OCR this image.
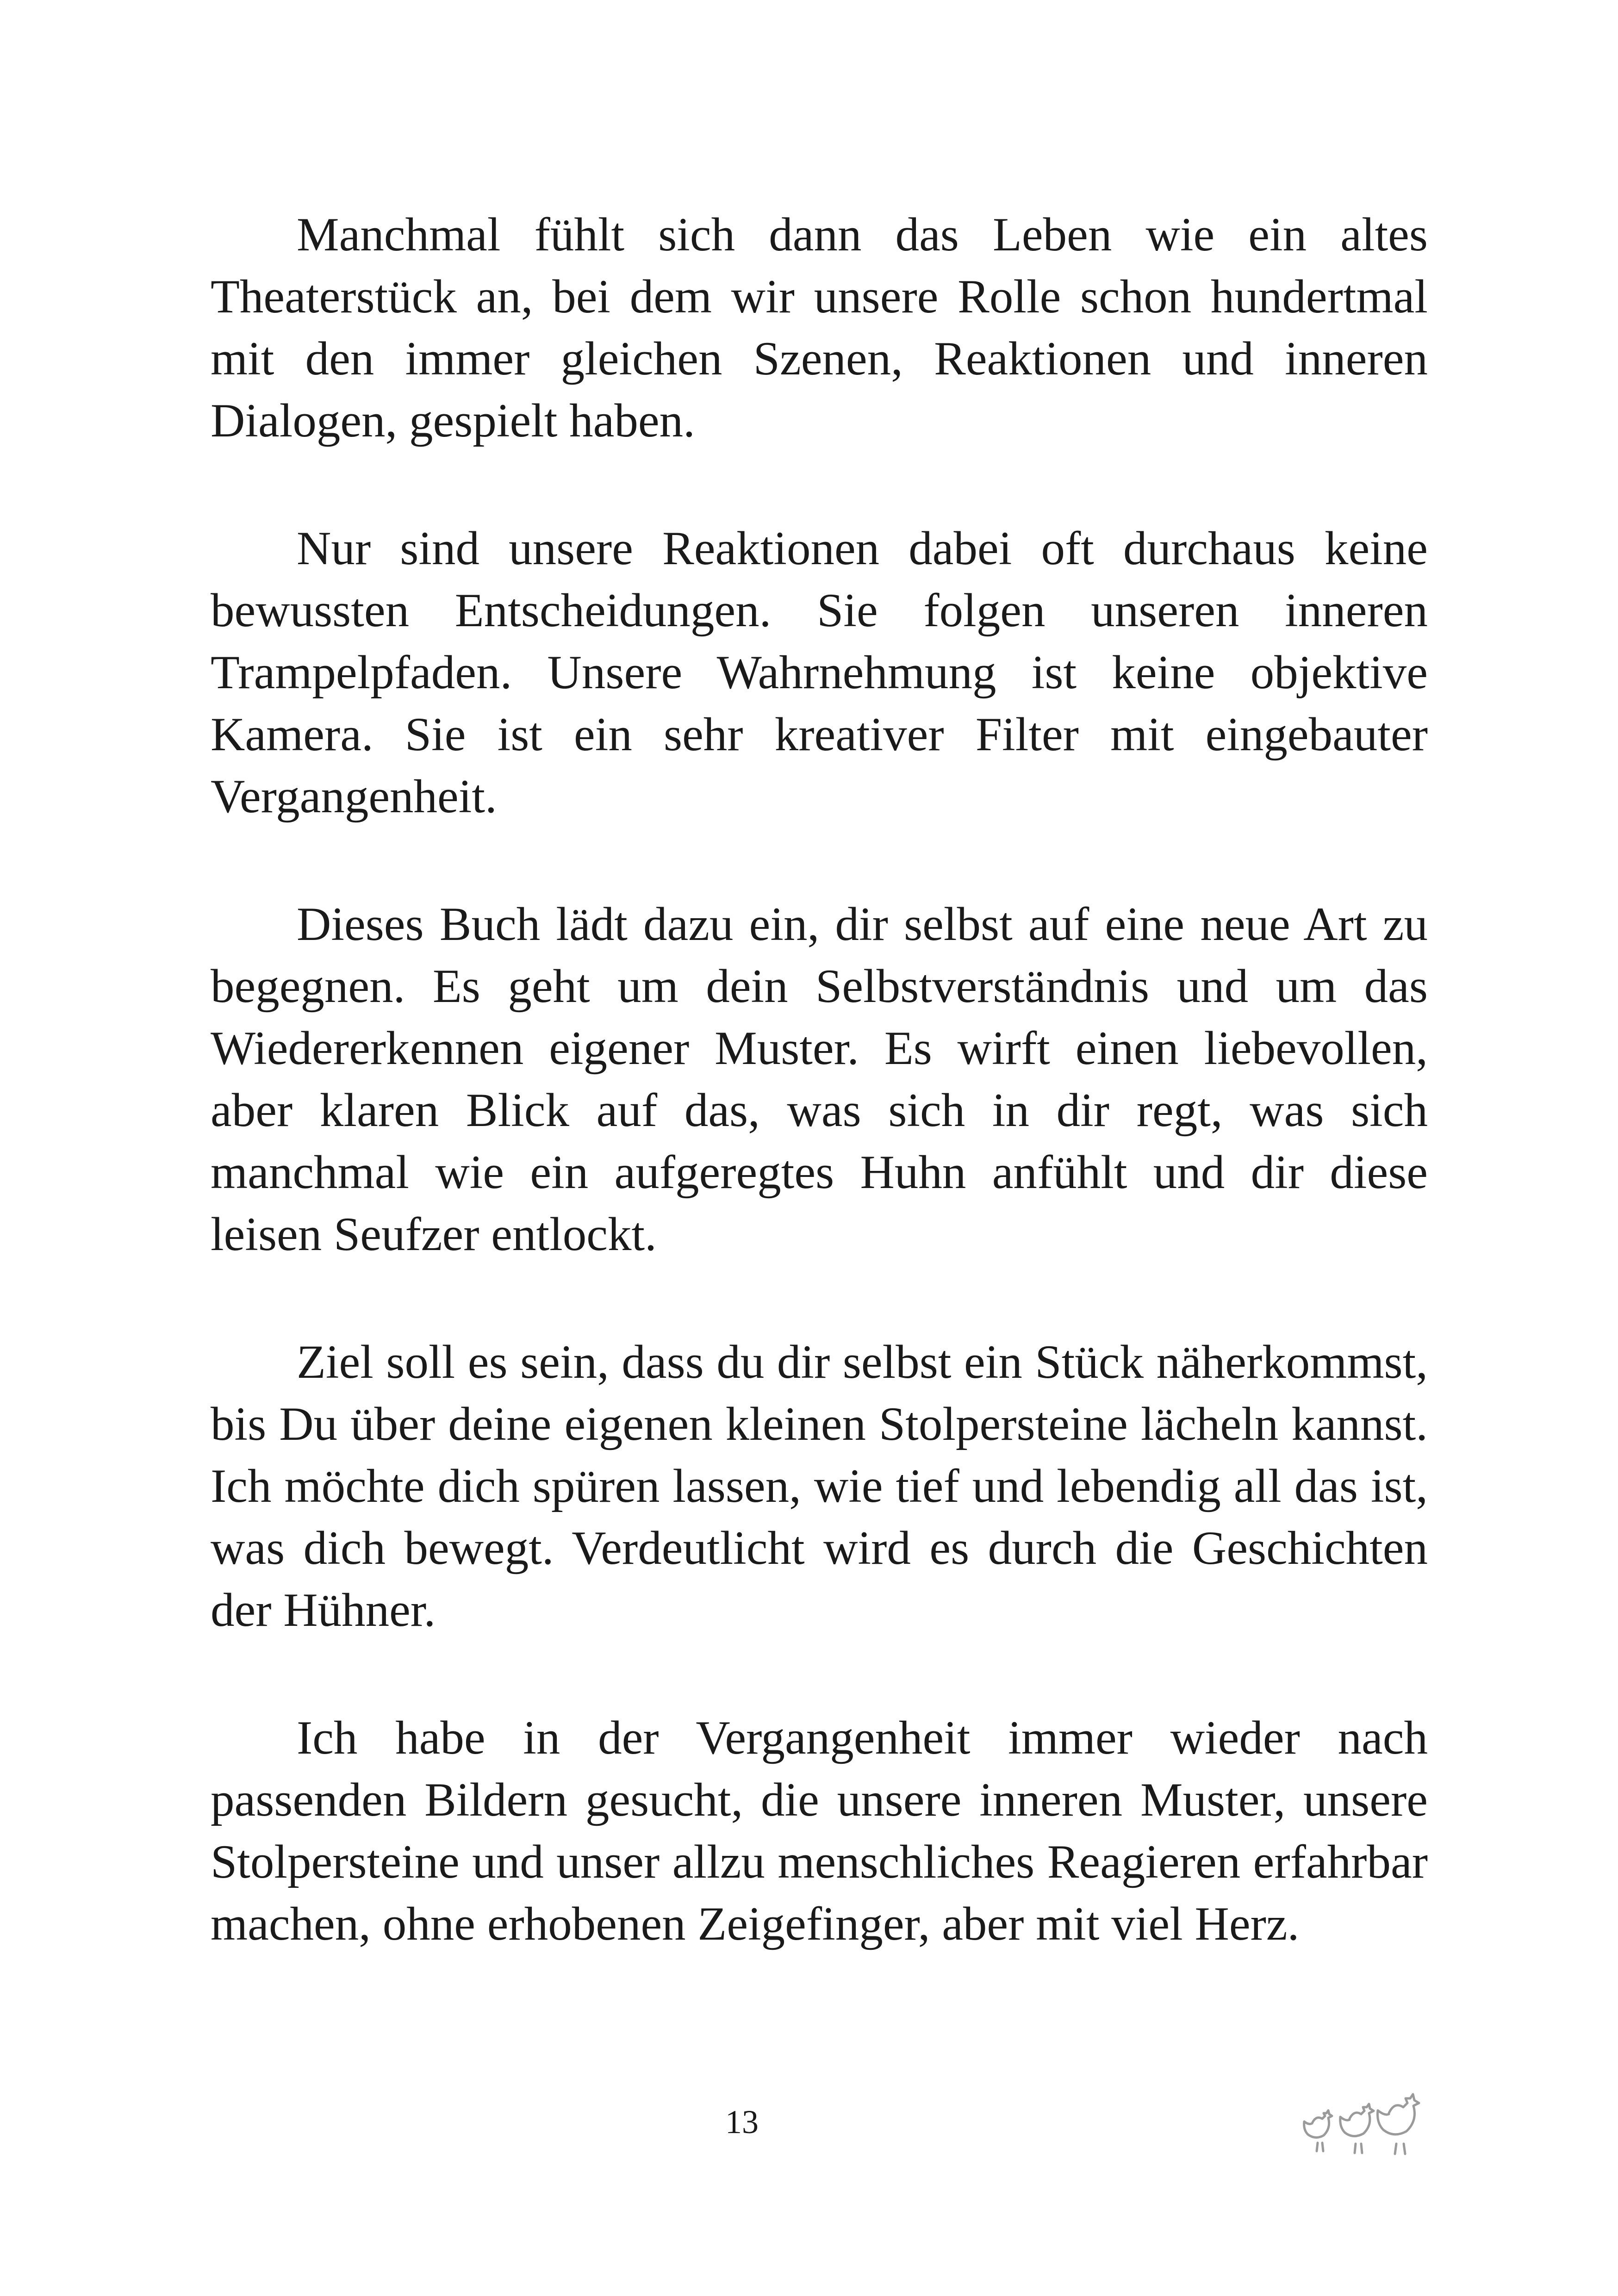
Manchmal fühlt sich dann das Leben wie ein altes Theaterstück an, bei dem wir unsere Rolle schon hundertmal mit den immer gleichen Szenen, Reaktionen und inneren Dialogen, gespielt haben.

Nur sind unsere Reaktionen dabei oft durchaus keine bewussten Entscheidungen. Sie folgen unseren inneren Trampelpfaden. Unsere Wahrnehmung ist keine objektive Kamera. Sie ist ein sehr kreativer Filter mit eingebauter Vergangenheit.

Dieses Buch lädt dazu ein, dir selbst auf eine neue Art zu begegnen. Es geht um dein Selbstverständnis und um das Wiedererkennen eigener Muster. Es wirft einen liebevollen, aber klaren Blick auf das, was sich in dir regt, was sich manchmal wie ein aufgeregtes Huhn anfühlt und dir diese leisen Seufzer entlockt.

Ziel soll es sein, dass du dir selbst ein Stück näherkommst, bis Du über deine eigenen kleinen Stolpersteine lächeln kannst. Ich möchte dich spüren lassen, wie tief und lebendig all das ist, was dich bewegt. Verdeutlicht wird es durch die Geschichten der Hühner.

Ich habe in der Vergangenheit immer wieder nach passenden Bildern gesucht, die unsere inneren Muster, unsere Stolpersteine und unser allzu menschliches Reagieren erfahrbar machen, ohne erhobenen Zeigefinger, aber mit viel Herz.

13
